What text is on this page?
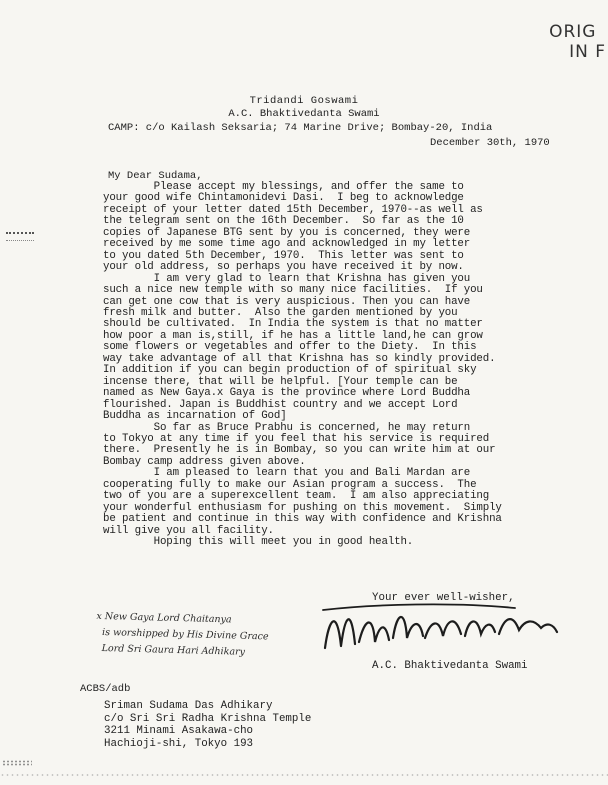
ORIG
IN F
Tridandi Goswami
A.C. Bhaktivedanta Swami
CAMP: c/o Kailash Seksaria; 74 Marine Drive; Bombay-20, India
December 30th, 1970
My Dear Sudama,
Please accept my blessings, and offer the same to
your good wife Chintamonidevi Dasi.  I beg to acknowledge
receipt of your letter dated 15th December, 1970--as well as
the telegram sent on the 16th December.  So far as the 10
copies of Japanese BTG sent by you is concerned, they were
received by me some time ago and acknowledged in my letter
to you dated 5th December, 1970.  This letter was sent to
your old address, so perhaps you have received it by now.
I am very glad to learn that Krishna has given you
such a nice new temple with so many nice facilities.  If you
can get one cow that is very auspicious. Then you can have
fresh milk and butter.  Also the garden mentioned by you
should be cultivated.  In India the system is that no matter
how poor a man is,still, if he has a little land,he can grow
some flowers or vegetables and offer to the Diety.  In this
way take advantage of all that Krishna has so kindly provided.
In addition if you can begin production of of spiritual sky
incense there, that will be helpful. [Your temple can be
named as New Gaya.x Gaya is the province where Lord Buddha
flourished. Japan is Buddhist country and we accept Lord
Buddha as incarnation of God]
So far as Bruce Prabhu is concerned, he may return
to Tokyo at any time if you feel that his service is required
there.  Presently he is in Bombay, so you can write him at our
Bombay camp address given above.
I am pleased to learn that you and Bali Mardan are
cooperating fully to make our Asian program a success.  The
two of you are a superexcellent team.  I am also appreciating
your wonderful enthusiasm for pushing on this movement.  Simply
be patient and continue in this way with confidence and Krishna
will give you all facility.
Hoping this will meet you in good health.
Your ever well-wisher,
A.C. Bhaktivedanta Swami
x New Gaya Lord Chaitanya
is worshipped by His Divine Grace
Lord Sri Gaura Hari Adhikary
ACBS/adb
Sriman Sudama Das Adhikary
c/o Sri Sri Radha Krishna Temple
3211 Minami Asakawa-cho
Hachioji-shi, Tokyo 193
